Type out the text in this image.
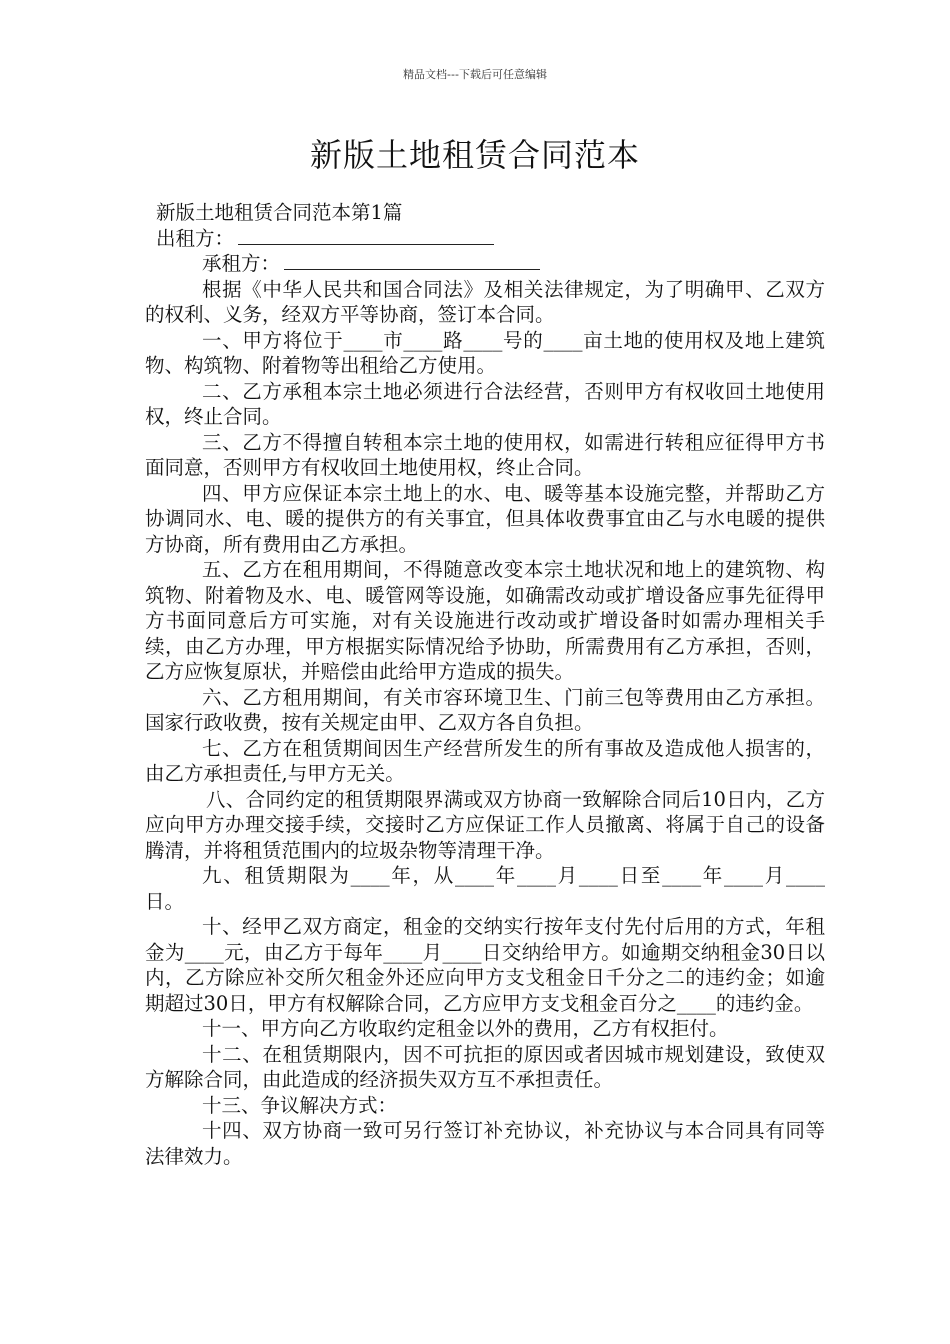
精品文档---下载后可任意编辑
新版土地租赁合同范本

新版土地租赁合同范本第1篇

出租方：

承租方：

根据《中华人民共和国合同法》及相关法律规定，为了明确甲、乙双方的权利、义务，经双方平等协商，签订本合同。

一、甲方将位于____市____路____号的____亩土地的使用权及地上建筑物、构筑物、附着物等出租给乙方使用。

二、乙方承租本宗土地必须进行合法经营，否则甲方有权收回土地使用权，终止合同。

三、乙方不得擅自转租本宗土地的使用权，如需进行转租应征得甲方书面同意，否则甲方有权收回土地使用权，终止合同。

四、甲方应保证本宗土地上的水、电、暖等基本设施完整，并帮助乙方协调同水、电、暖的提供方的有关事宜，但具体收费事宜由乙与水电暖的提供方协商，所有费用由乙方承担。

五、乙方在租用期间，不得随意改变本宗土地状况和地上的建筑物、构筑物、附着物及水、电、暖管网等设施，如确需改动或扩增设备应事先征得甲方书面同意后方可实施，对有关设施进行改动或扩增设备时如需办理相关手续，由乙方办理，甲方根据实际情况给予协助，所需费用有乙方承担，否则，乙方应恢复原状，并赔偿由此给甲方造成的损失。

六、乙方租用期间，有关市容环境卫生、门前三包等费用由乙方承担。国家行政收费，按有关规定由甲、乙双方各自负担。

七、乙方在租赁期间因生产经营所发生的所有事故及造成他人损害的，由乙方承担责任,与甲方无关。

八、合同约定的租赁期限界满或双方协商一致解除合同后10日内，乙方应向甲方办理交接手续，交接时乙方应保证工作人员撤离、将属于自己的设备腾清，并将租赁范围内的垃圾杂物等清理干净。

九、租赁期限为____年，从____年____月____日至____年____月____日。

十、经甲乙双方商定，租金的交纳实行按年支付先付后用的方式，年租金为____元，由乙方于每年____月____日交纳给甲方。如逾期交纳租金30日以内，乙方除应补交所欠租金外还应向甲方支戈租金日千分之二的违约金；如逾期超过30日，甲方有权解除合同，乙方应甲方支戈租金百分之____的违约金。

十一、甲方向乙方收取约定租金以外的费用，乙方有权拒付。

十二、在租赁期限内，因不可抗拒的原因或者因城市规划建设，致使双方解除合同，由此造成的经济损失双方互不承担责任。

十三、争议解决方式：

十四、双方协商一致可另行签订补充协议，补充协议与本合同具有同等法律效力。
